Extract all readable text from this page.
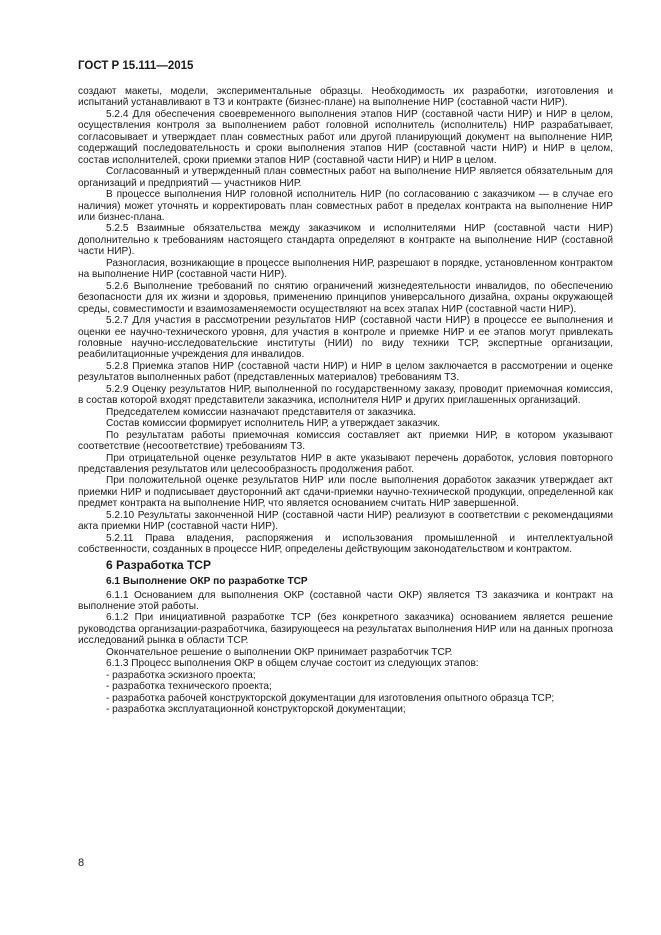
ГОСТ Р 15.111—2015

создают макеты, модели, экспериментальные образцы. Необходимость их разработки, изготовления и испытаний устанавливают в ТЗ и контракте (бизнес-плане) на выполнение НИР (составной части НИР).

5.2.4 Для обеспечения своевременного выполнения этапов НИР (составной части НИР) и НИР в целом, осуществления контроля за выполнением работ головной исполнитель (исполнитель) НИР разрабатывает, согласовывает и утверждает план совместных работ или другой планирующий документ на выполнение НИР, содержащий последовательность и сроки выполнения этапов НИР (составной части НИР) и НИР в целом, состав исполнителей, сроки приемки этапов НИР (составной части НИР) и НИР в целом.

Согласованный и утвержденный план совместных работ на выполнение НИР является обязательным для организаций и предприятий — участников НИР.

В процессе выполнения НИР головной исполнитель НИР (по согласованию с заказчиком — в случае его наличия) может уточнять и корректировать план совместных работ в пределах контракта на выполнение НИР или бизнес-плана.

5.2.5 Взаимные обязательства между заказчиком и исполнителями НИР (составной части НИР) дополнительно к требованиям настоящего стандарта определяют в контракте на выполнение НИР (составной части НИР).

Разногласия, возникающие в процессе выполнения НИР, разрешают в порядке, установленном контрактом на выполнение НИР (составной части НИР).

5.2.6 Выполнение требований по снятию ограничений жизнедеятельности инвалидов, по обеспечению безопасности для их жизни и здоровья, применению принципов универсального дизайна, охраны окружающей среды, совместимости и взаимозаменяемости осуществляют на всех этапах НИР (составной части НИР).

5.2.7 Для участия в рассмотрении результатов НИР (составной части НИР) в процессе ее выполнения и оценки ее научно-технического уровня, для участия в контроле и приемке НИР и ее этапов могут привлекать головные научно-исследовательские институты (НИИ) по виду техники ТСР, экспертные организации, реабилитационные учреждения для инвалидов.

5.2.8 Приемка этапов НИР (составной части НИР) и НИР в целом заключается в рассмотрении и оценке результатов выполненных работ (представленных материалов) требованиям ТЗ.

5.2.9 Оценку результатов НИР, выполненной по государственному заказу, проводит приемочная комиссия, в состав которой входят представители заказчика, исполнителя НИР и других приглашенных организаций.

Председателем комиссии назначают представителя от заказчика.

Состав комиссии формирует исполнитель НИР, а утверждает заказчик.

По результатам работы приемочная комиссия составляет акт приемки НИР, в котором указывают соответствие (несоответствие) требованиям ТЗ.

При отрицательной оценке результатов НИР в акте указывают перечень доработок, условия повторного представления результатов или целесообразность продолжения работ.

При положительной оценке результатов НИР или после выполнения доработок заказчик утверждает акт приемки НИР и подписывает двусторонний акт сдачи-приемки научно-технической продукции, определенной как предмет контракта на выполнение НИР, что является основанием считать НИР завершенной.

5.2.10 Результаты законченной НИР (составной части НИР) реализуют в соответствии с рекомендациями акта приемки НИР (составной части НИР).

5.2.11 Права владения, распоряжения и использования промышленной и интеллектуальной собственности, созданных в процессе НИР, определены действующим законодательством и контрактом.

6 Разработка ТСР
6.1 Выполнение ОКР по разработке ТСР

6.1.1 Основанием для выполнения ОКР (составной части ОКР) является ТЗ заказчика и контракт на выполнение этой работы.

6.1.2 При инициативной разработке ТСР (без конкретного заказчика) основанием является решение руководства организации-разработчика, базирующееся на результатах выполнения НИР или на данных прогноза исследований рынка в области ТСР.

Окончательное решение о выполнении ОКР принимает разработчик ТСР.

6.1.3 Процесс выполнения ОКР в общем случае состоит из следующих этапов:

- разработка эскизного проекта;

- разработка технического проекта;

- разработка рабочей конструкторской документации для изготовления опытного образца ТСР;

- разработка эксплуатационной конструкторской документации;

8
